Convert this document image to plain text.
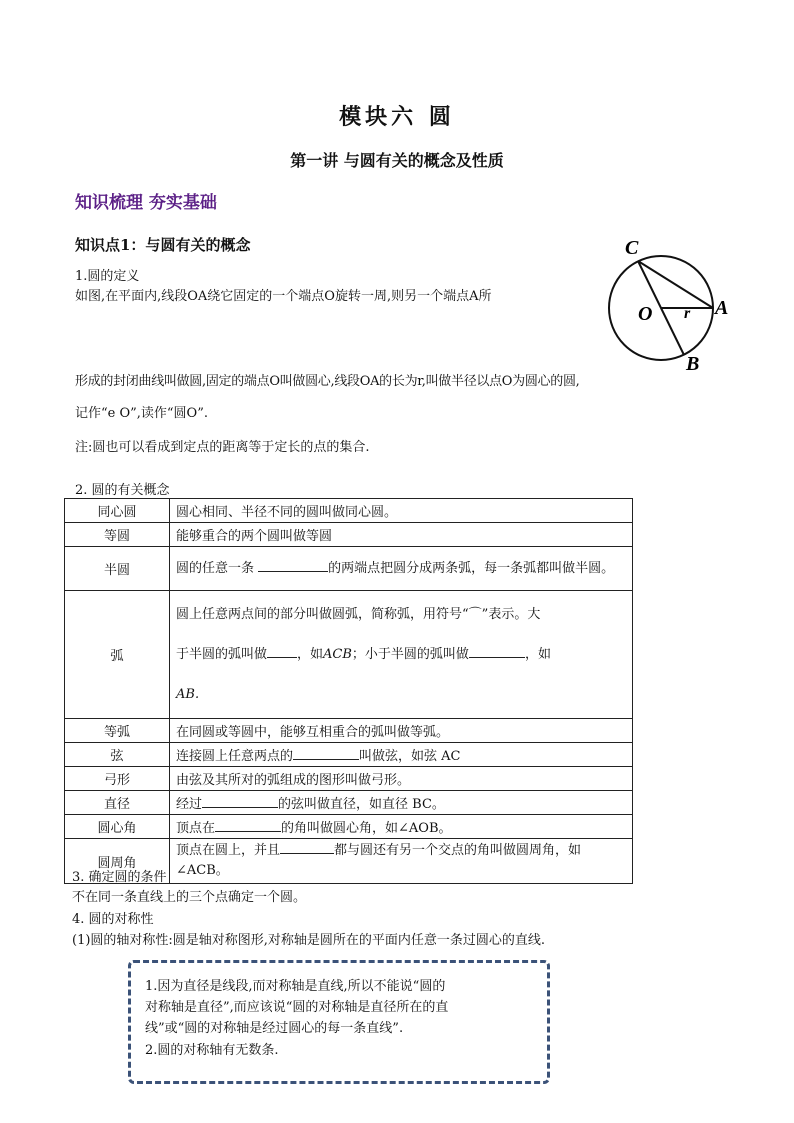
模块六 圆
第一讲 与圆有关的概念及性质
知识梳理 夯实基础
知识点1：与圆有关的概念
1.圆的定义
如图,在平面内,线段OA绕它固定的一个端点O旋转一周,则另一个端点A所
形成的封闭曲线叫做圆,固定的端点O叫做圆心,线段OA的长为r,叫做半径以点O为圆心的圆,
记作“e O”,读作“圆O”.
注:圆也可以看成到定点的距离等于定长的点的集合.
C
O	A
B
r
2. 圆的有关概念
同心圆	圆心相同、半径不同的圆叫做同心圆。
等圆	能够重合的两个圆叫做等圆
半圆	圆的任意一条 的两端点把圆分成两条弧，每一条弧都叫做半圆。
弧	圆上任意两点间的部分叫做圆弧，简称弧，用符号“⌒”表示。大
于半圆的弧叫做 ，如ACB；小于半圆的弧叫做 ，如
AB.
等弧	在同圆或等圆中，能够互相重合的弧叫做等弧。
弦	连接圆上任意两点的 叫做弦，如弦 AC
弓形	由弦及其所对的弧组成的图形叫做弓形。
直径	经过 的弦叫做直径，如直径 BC。
圆心角	顶点在 的角叫做圆心角，如∠AOB。
圆周角	顶点在圆上，并且 都与圆还有另一个交点的角叫做圆周角，如∠ACB。
3. 确定圆的条件
不在同一条直线上的三个点确定一个圆。
4. 圆的对称性
(1)圆的轴对称性:圆是轴对称图形,对称轴是圆所在的平面内任意一条过圆心的直线.
1.因为直径是线段,而对称轴是直线,所以不能说“圆的
对称轴是直径”,而应该说“圆的对称轴是直径所在的直
线”或“圆的对称轴是经过圆心的每一条直线”.
2.圆的对称轴有无数条.
